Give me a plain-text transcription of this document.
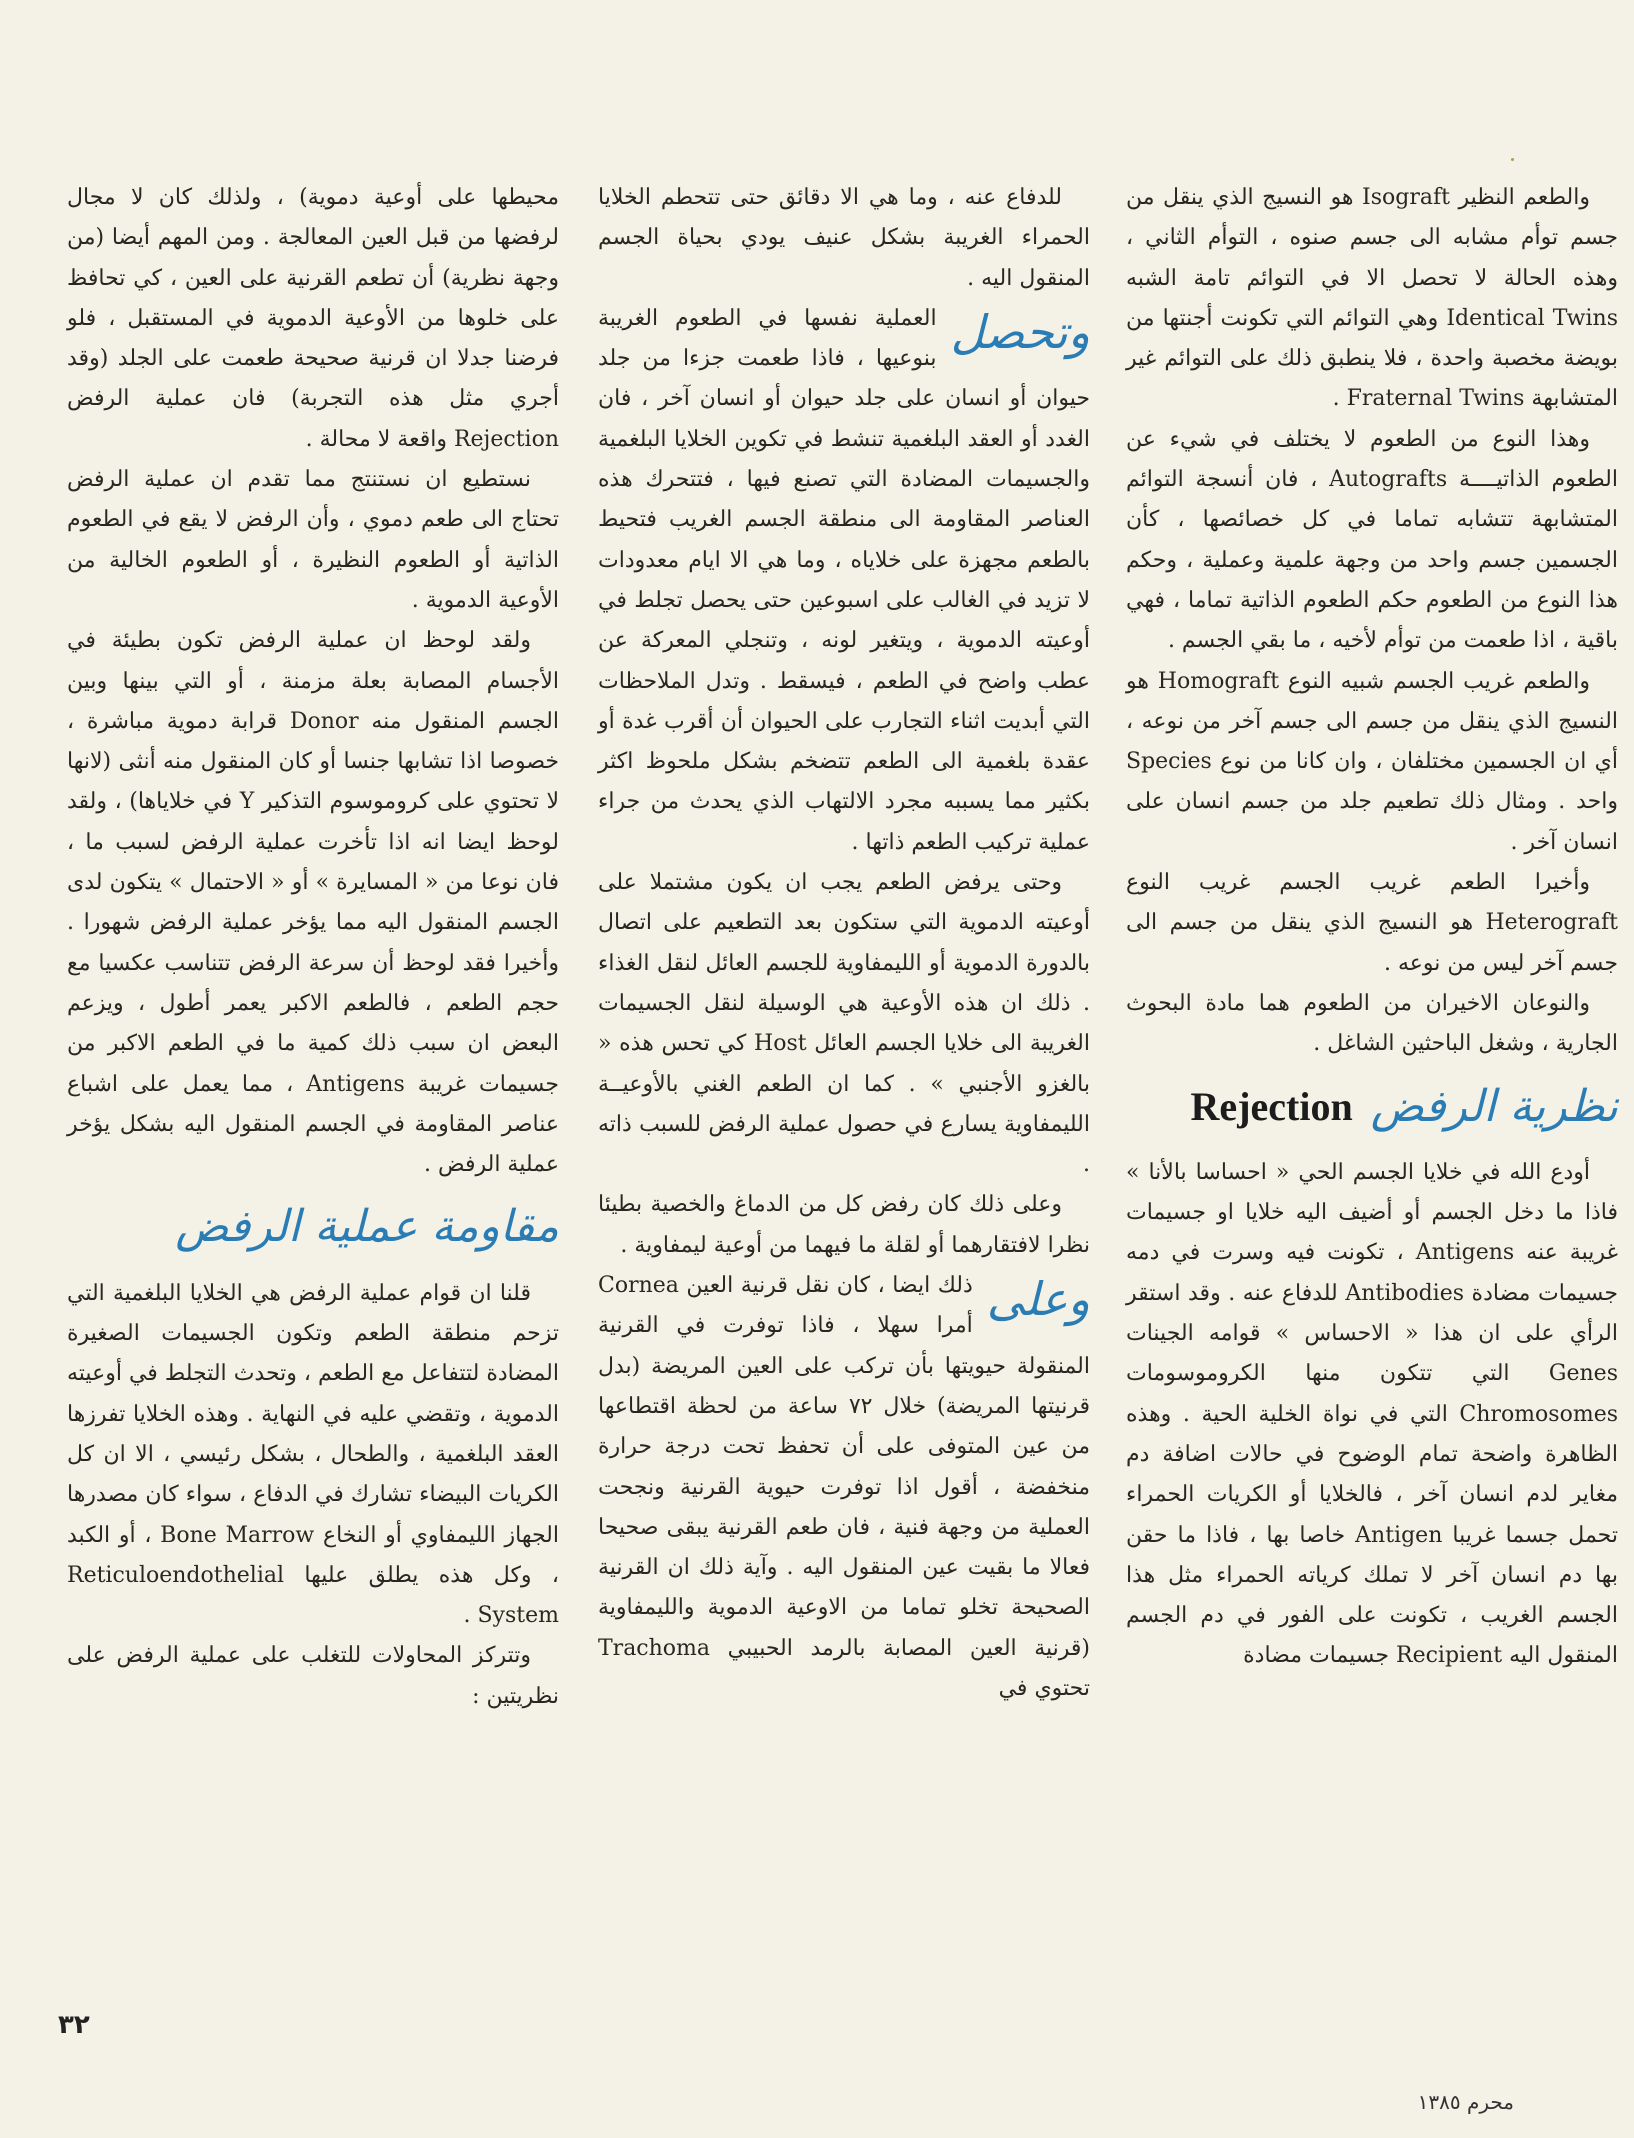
والطعم النظير Isograft هو النسيج الذي ينقل من جسم توأم مشابه الى جسم صنوه ، التوأم الثاني ، وهذه الحالة لا تحصل الا في التوائم تامة الشبه Identical Twins وهي التوائم التي تكونت أجنتها من بويضة مخصبة واحدة ، فلا ينطبق ذلك على التوائم غير المتشابهة Fraternal Twins .

وهذا النوع من الطعوم لا يختلف في شيء عن الطعوم الذاتيــــة Autografts ، فان أنسجة التوائم المتشابهة تتشابه تماما في كل خصائصها ، كأن الجسمين جسم واحد من وجهة علمية وعملية ، وحكم هذا النوع من الطعوم حكم الطعوم الذاتية تماما ، فهي باقية ، اذا طعمت من توأم لأخيه ، ما بقي الجسم .

والطعم غريب الجسم شبيه النوع Homograft هو النسيج الذي ينقل من جسم الى جسم آخر من نوعه ، أي ان الجسمين مختلفان ، وان كانا من نوع Species واحد . ومثال ذلك تطعيم جلد من جسم انسان على انسان آخر .

وأخيرا الطعم غريب الجسم غريب النوع Heterograft هو النسيج الذي ينقل من جسم الى جسم آخر ليس من نوعه .

والنوعان الاخيران من الطعوم هما مادة البحوث الجارية ، وشغل الباحثين الشاغل .

نظرية الرفض
Rejection

أودع الله في خلايا الجسم الحي « احساسا بالأنا » فاذا ما دخل الجسم أو أضيف اليه خلايا او جسيمات غريبة عنه Antigens ، تكونت فيه وسرت في دمه جسيمات مضادة Antibodies للدفاع عنه . وقد استقر الرأي على ان هذا « الاحساس » قوامه الجينات Genes التي تتكون منها الكروموسومات Chromosomes التي في نواة الخلية الحية . وهذه الظاهرة واضحة تمام الوضوح في حالات اضافة دم مغاير لدم انسان آخر ، فالخلايا أو الكريات الحمراء تحمل جسما غريبا Antigen خاصا بها ، فاذا ما حقن بها دم انسان آخر لا تملك كرياته الحمراء مثل هذا الجسم الغريب ، تكونت على الفور في دم الجسم المنقول اليه Recipient جسيمات مضادة

للدفاع عنه ، وما هي الا دقائق حتى تتحطم الخلايا الحمراء الغريبة بشكل عنيف يودي بحياة الجسم المنقول اليه .

وتحصل
العملية نفسها في الطعوم الغريبة بنوعيها ، فاذا طعمت جزءا من جلد حيوان أو انسان على جلد حيوان أو انسان آخر ، فان الغدد أو العقد البلغمية تنشط في تكوين الخلايا البلغمية والجسيمات المضادة التي تصنع فيها ، فتتحرك هذه العناصر المقاومة الى منطقة الجسم الغريب فتحيط بالطعم مجهزة على خلاياه ، وما هي الا ايام معدودات لا تزيد في الغالب على اسبوعين حتى يحصل تجلط في أوعيته الدموية ، ويتغير لونه ، وتنجلي المعركة عن عطب واضح في الطعم ، فيسقط . وتدل الملاحظات التي أبديت اثناء التجارب على الحيوان أن أقرب غدة أو عقدة بلغمية الى الطعم تتضخم بشكل ملحوظ اكثر بكثير مما يسببه مجرد الالتهاب الذي يحدث من جراء عملية تركيب الطعم ذاتها .

وحتى يرفض الطعم يجب ان يكون مشتملا على أوعيته الدموية التي ستكون بعد التطعيم على اتصال بالدورة الدموية أو الليمفاوية للجسم العائل لنقل الغذاء . ذلك ان هذه الأوعية هي الوسيلة لنقل الجسيمات الغريبة الى خلايا الجسم العائل Host كي تحس هذه « بالغزو الأجنبي » . كما ان الطعم الغني بالأوعيــة الليمفاوية يسارع في حصول عملية الرفض للسبب ذاته .

وعلى ذلك كان رفض كل من الدماغ والخصية بطيئا نظرا لافتقارهما أو لقلة ما فيهما من أوعية ليمفاوية .

وعلى
ذلك ايضا ، كان نقل قرنية العين Cornea أمرا سهلا ، فاذا توفرت في القرنية المنقولة حيويتها بأن تركب على العين المريضة (بدل قرنيتها المريضة) خلال ٧٢ ساعة من لحظة اقتطاعها من عين المتوفى على أن تحفظ تحت درجة حرارة منخفضة ، أقول اذا توفرت حيوية القرنية ونجحت العملية من وجهة فنية ، فان طعم القرنية يبقى صحيحا فعالا ما بقيت عين المنقول اليه . وآية ذلك ان القرنية الصحيحة تخلو تماما من الاوعية الدموية والليمفاوية (قرنية العين المصابة بالرمد الحبيبي Trachoma تحتوي في

محيطها على أوعية دموية) ، ولذلك كان لا مجال لرفضها من قبل العين المعالجة . ومن المهم أيضا (من وجهة نظرية) أن تطعم القرنية على العين ، كي تحافظ على خلوها من الأوعية الدموية في المستقبل ، فلو فرضنا جدلا ان قرنية صحيحة طعمت على الجلد (وقد أجري مثل هذه التجربة) فان عملية الرفض Rejection واقعة لا محالة .

نستطيع ان نستنتج مما تقدم ان عملية الرفض تحتاج الى طعم دموي ، وأن الرفض لا يقع في الطعوم الذاتية أو الطعوم النظيرة ، أو الطعوم الخالية من الأوعية الدموية .

ولقد لوحظ ان عملية الرفض تكون بطيئة في الأجسام المصابة بعلة مزمنة ، أو التي بينها وبين الجسم المنقول منه Donor قرابة دموية مباشرة ، خصوصا اذا تشابها جنسا أو كان المنقول منه أنثى (لانها لا تحتوي على كروموسوم التذكير Y في خلاياها) ، ولقد لوحظ ايضا انه اذا تأخرت عملية الرفض لسبب ما ، فان نوعا من « المسايرة » أو « الاحتمال » يتكون لدى الجسم المنقول اليه مما يؤخر عملية الرفض شهورا . وأخيرا فقد لوحظ أن سرعة الرفض تتناسب عكسيا مع حجم الطعم ، فالطعم الاكبر يعمر أطول ، ويزعم البعض ان سبب ذلك كمية ما في الطعم الاكبر من جسيمات غريبة Antigens ، مما يعمل على اشباع عناصر المقاومة في الجسم المنقول اليه بشكل يؤخر عملية الرفض .

مقاومة عملية الرفض

قلنا ان قوام عملية الرفض هي الخلايا البلغمية التي تزحم منطقة الطعم وتكون الجسيمات الصغيرة المضادة لتتفاعل مع الطعم ، وتحدث التجلط في أوعيته الدموية ، وتقضي عليه في النهاية . وهذه الخلايا تفرزها العقد البلغمية ، والطحال ، بشكل رئيسي ، الا ان كل الكريات البيضاء تشارك في الدفاع ، سواء كان مصدرها الجهاز الليمفاوي أو النخاع Bone Marrow ، أو الكبد ، وكل هذه يطلق عليها Reticuloendothelial System .

وتتركز المحاولات للتغلب على عملية الرفض على نظريتين :

٣٢
محرم ١٣٨٥
